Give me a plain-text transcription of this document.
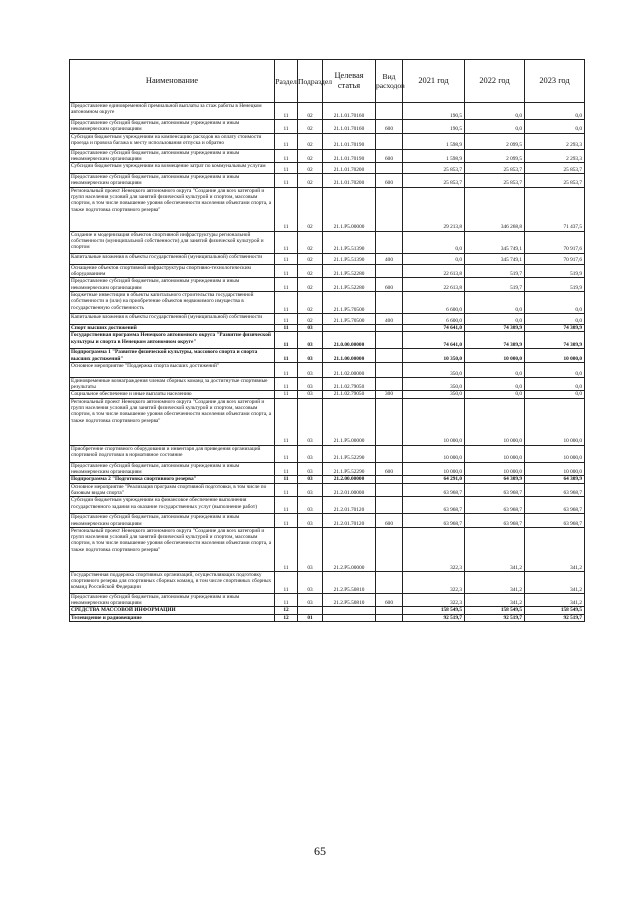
Наименование	Раздел	Подраздел	Целевая статья	Вид расходов	2021 год	2022 год	2023 год
Предоставление единовременной премиальной выплаты за стаж работы в Ненецком автономном округе	11	02	21.1.01.70160		190,5	0,0	0,0
Предоставление субсидий бюджетным, автономным учреждениям и иным некоммерческим организациям	11	02	21.1.01.70160	600	190,5	0,0	0,0
Субсидии бюджетным учреждениям на компенсацию расходов на оплату стоимости проезда и провоза багажа к месту использования отпуска и обратно	11	02	21.1.01.70190		1 598,9	2 099,5	2 293,3
Предоставление субсидий бюджетным, автономным учреждениям и иным некоммерческим организациям	11	02	21.1.01.70190	600	1 598,9	2 099,5	2 293,3
Субсидии бюджетным учреждениям на возмещение затрат по коммунальным услугам	11	02	21.1.01.70200		25 853,7	25 853,7	25 853,7
Предоставление субсидий бюджетным, автономным учреждениям и иным некоммерческим организациям	11	02	21.1.01.70200	600	25 853,7	25 853,7	25 853,7
Региональный проект Ненецкого автономного округа "Создание для всех категорий и групп населения условий для занятий физической культурой и спортом, массовым спортом, в том числе повышение уровня обеспеченности населения объектами спорта, а также подготовка спортивного резерва"	11	02	21.1.P5.00000		29 213,8	346 268,8	71 437,5
Создание и модернизация объектов спортивной инфраструктуры региональной собственности (муниципальной собственности) для занятий физической культурой и спортом	11	02	21.1.P5.51390		0,0	345 749,1	70 917,6
Капитальные вложения в объекты государственной (муниципальной) собственности	11	02	21.1.P5.51390	400	0,0	345 749,1	70 917,6
Оснащение объектов спортивной инфраструктуры спортивно-технологическим оборудованием	11	02	21.1.P5.52280		22 613,8	519,7	519,9
Предоставление субсидий бюджетным, автономным учреждениям и иным некоммерческим организациям	11	02	21.1.P5.52280	600	22 613,8	519,7	519,9
Бюджетные инвестиции в объекты капитального строительства государственной собственности и (или) на приобретение объектов недвижимого имущества в государственную собственность	11	02	21.1.P5.70500		6 600,0	0,0	0,0
Капитальные вложения в объекты государственной (муниципальной) собственности	11	02	21.1.P5.70500	400	6 600,0	0,0	0,0
Спорт высших достижений	11	03			74 641,0	74 309,9	74 309,9
Государственная программа Ненецкого автономного округа "Развитие физической культуры и спорта в Ненецком автономном округе"	11	03	21.0.00.00000		74 641,0	74 309,9	74 309,9
Подпрограмма 1 "Развитие физической культуры, массового спорта и спорта высших достижений"	11	03	21.1.00.00000		10 350,0	10 000,0	10 000,0
Основное мероприятие "Поддержка спорта высших достижений"	11	03	21.1.02.00000		350,0	0,0	0,0
Единовременные вознаграждения членам сборных команд за достигнутые спортивные результаты	11	03	21.1.02.79050		350,0	0,0	0,0
Социальное обеспечение и иные выплаты населению	11	03	21.1.02.79050	300	350,0	0,0	0,0
Региональный проект Ненецкого автономного округа "Создание для всех категорий и групп населения условий для занятий физической культурой и спортом, массовым спортом, в том числе повышение уровня обеспеченности населения объектами спорта, а также подготовка спортивного резерва"	11	03	21.1.P5.00000		10 000,0	10 000,0	10 000,0
Приобретение спортивного оборудования и инвентаря для приведения организаций спортивной подготовки в нормативное состояние	11	03	21.1.P5.52290		10 000,0	10 000,0	10 000,0
Предоставление субсидий бюджетным, автономным учреждениям и иным некоммерческим организациям	11	03	21.1.P5.52290	600	10 000,0	10 000,0	10 000,0
Подпрограмма 2 "Подготовка спортивного резерва"	11	03	21.2.00.00000		64 291,0	64 309,9	64 309,9
Основное мероприятие "Реализация программ спортивной подготовки, в том числе по базовым видам спорта"	11	03	21.2.01.00000		63 968,7	63 968,7	63 968,7
Субсидии бюджетным учреждениям на финансовое обеспечение выполнения государственного задания на оказание государственных услуг (выполнение работ)	11	03	21.2.01.70120		63 968,7	63 968,7	63 968,7
Предоставление субсидий бюджетным, автономным учреждениям и иным некоммерческим организациям	11	03	21.2.01.70120	600	63 968,7	63 968,7	63 968,7
Региональный проект Ненецкого автономного округа "Создание для всех категорий и групп населения условий для занятий физической культурой и спортом, массовым спортом, в том числе повышение уровня обеспеченности населения объектами спорта, а также подготовка спортивного резерва"	11	03	21.2.P5.00000		322,3	341,2	341,2
Государственная поддержка спортивных организаций, осуществляющих подготовку спортивного резерва для спортивных сборных команд, в том числе спортивных сборных команд Российской Федерации	11	03	21.2.P5.50810		322,3	341,2	341,2
Предоставление субсидий бюджетным, автономным учреждениям и иным некоммерческим организациям	11	03	21.2.P5.50810	600	322,3	341,2	341,2
СРЕДСТВА МАССОВОЙ ИНФОРМАЦИИ	12				158 549,5	158 549,5	158 549,5
Телевидение и радиовещание	12	01			92 519,7	92 519,7	92 519,7
65
